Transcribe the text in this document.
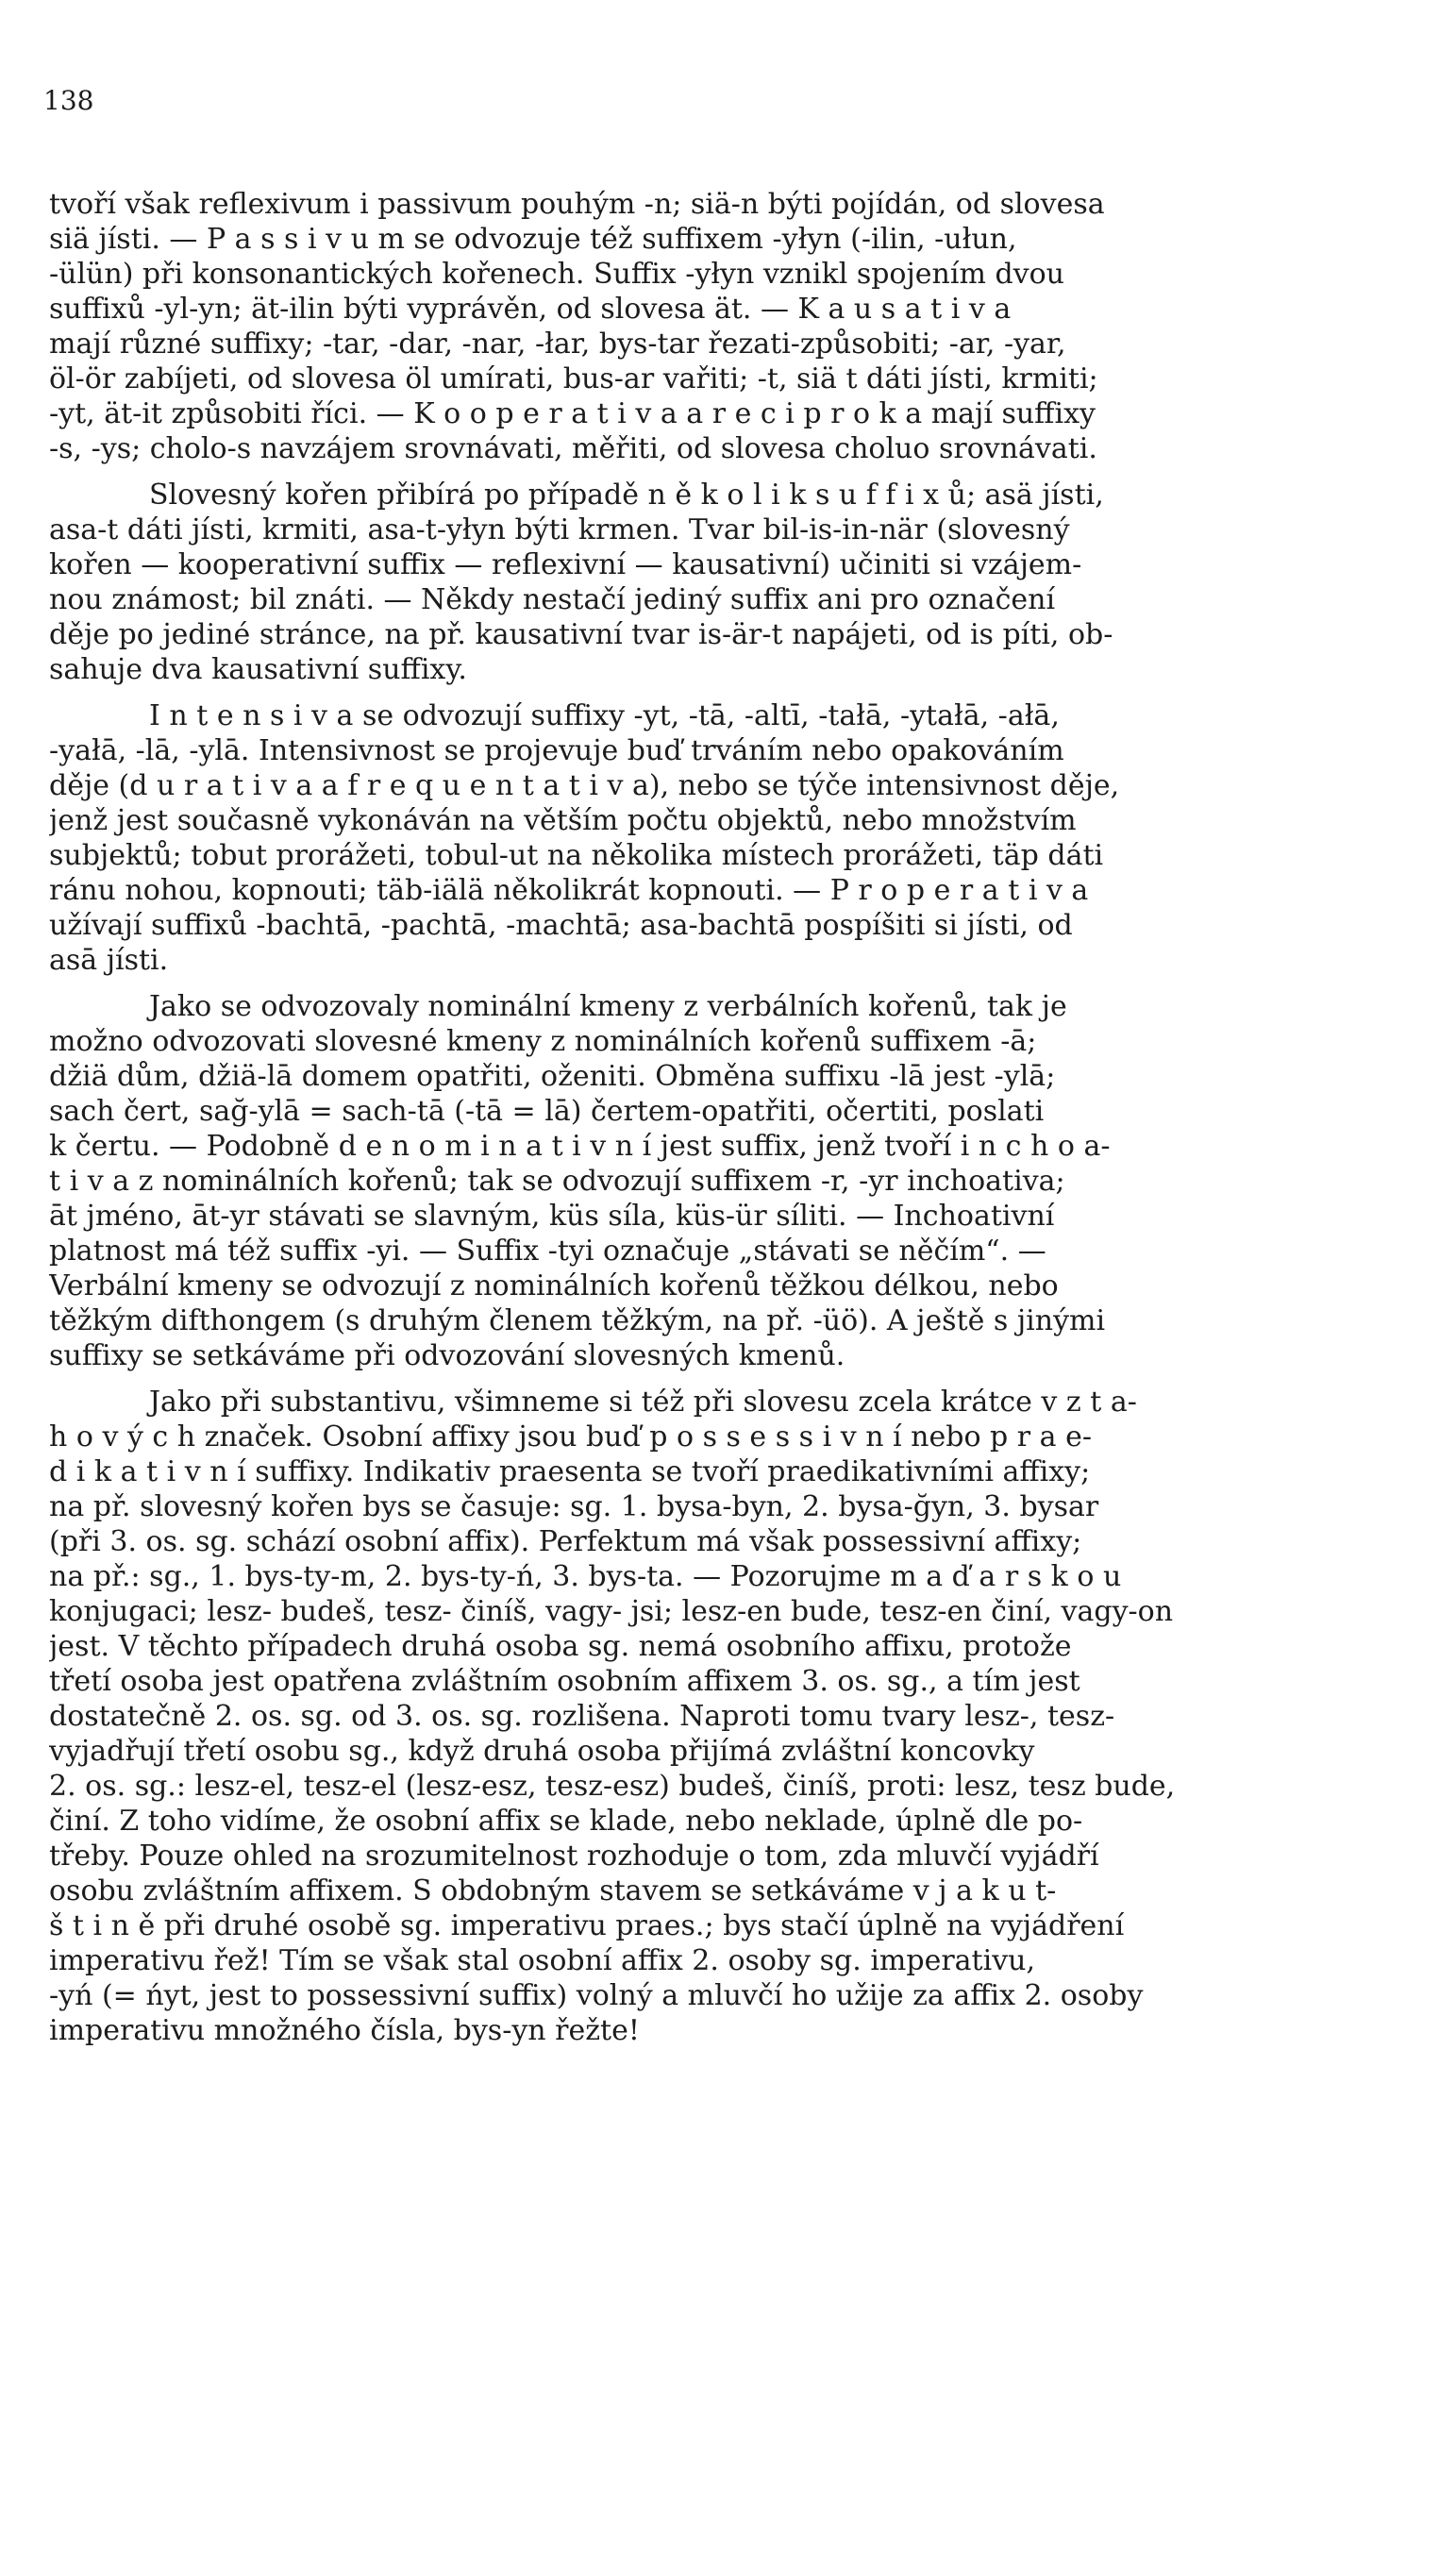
138
tvoří však reflexivum i passivum pouhým -n; siä-n býti pojídán, od slovesa
siä jísti. — P a s s i v u m se odvozuje též suffixem -yłyn (-ilin, -ułun,
-ülün) při konsonantických kořenech. Suffix -yłyn vznikl spojením dvou
suffixů -yl-yn; ät-ilin býti vyprávěn, od slovesa ät. — K a u s a t i v a
mají různé suffixy; -tar, -dar, -nar, -łar, bys-tar řezati-způsobiti; -ar, -yar,
öl-ör zabíjeti, od slovesa öl umírati, bus-ar vařiti; -t, siä t dáti jísti, krmiti;
-yt, ät-it způsobiti říci. — K o o p e r a t i v a a r e c i p r o k a mají suffixy
-s, -ys; cholo-s navzájem srovnávati, měřiti, od slovesa choluo srovnávati.
Slovesný kořen přibírá po případě n ě k o l i k s u f f i x ů; asä jísti,
asa-t dáti jísti, krmiti, asa-t-yłyn býti krmen. Tvar bil-is-in-när (slovesný
kořen — kooperativní suffix — reflexivní — kausativní) učiniti si vzájem-
nou známost; bil znáti. — Někdy nestačí jediný suffix ani pro označení
děje po jediné stránce, na př. kausativní tvar is-är-t napájeti, od is píti, ob-
sahuje dva kausativní suffixy.
I n t e n s i v a se odvozují suffixy -yt, -tā, -altī, -tałā, -ytałā, -ałā,
-yałā, -lā, -ylā. Intensivnost se projevuje buď trváním nebo opakováním
děje (d u r a t i v a a f r e q u e n t a t i v a), nebo se týče intensivnost děje,
jenž jest současně vykonáván na větším počtu objektů, nebo množstvím
subjektů; tobut prorážeti, tobul-ut na několika místech prorážeti, täp dáti
ránu nohou, kopnouti; täb-iälä několikrát kopnouti. — P r o p e r a t i v a
užívají suffixů -bachtā, -pachtā, -machtā; asa-bachtā pospíšiti si jísti, od
asā jísti.
Jako se odvozovaly nominální kmeny z verbálních kořenů, tak je
možno odvozovati slovesné kmeny z nominálních kořenů suffixem -ā;
džiä dům, džiä-lā domem opatřiti, oženiti. Obměna suffixu -lā jest -ylā;
sach čert, sağ-ylā = sach-tā (-tā = lā) čertem-opatřiti, očertiti, poslati
k čertu. — Podobně d e n o m i n a t i v n í jest suffix, jenž tvoří i n c h o a-
t i v a z nominálních kořenů; tak se odvozují suffixem -r, -yr inchoativa;
āt jméno, āt-yr stávati se slavným, küs síla, küs-ür síliti. — Inchoativní
platnost má též suffix -yi. — Suffix -tyi označuje „stávati se něčím“. —
Verbální kmeny se odvozují z nominálních kořenů těžkou délkou, nebo
těžkým difthongem (s druhým členem těžkým, na př. -üö). A ještě s jinými
suffixy se setkáváme při odvozování slovesných kmenů.
Jako při substantivu, všimneme si též při slovesu zcela krátce v z t a-
h o v ý c h značek. Osobní affixy jsou buď p o s s e s s i v n í nebo p r a e-
d i k a t i v n í suffixy. Indikativ praesenta se tvoří praedikativními affixy;
na př. slovesný kořen bys se časuje: sg. 1. bysa-byn, 2. bysa-ğyn, 3. bysar
(při 3. os. sg. schází osobní affix). Perfektum má však possessivní affixy;
na př.: sg., 1. bys-ty-m, 2. bys-ty-ń, 3. bys-ta. — Pozorujme m a ď a r s k o u
konjugaci; lesz- budeš, tesz- činíš, vagy- jsi; lesz-en bude, tesz-en činí, vagy-on
jest. V těchto případech druhá osoba sg. nemá osobního affixu, protože
třetí osoba jest opatřena zvláštním osobním affixem 3. os. sg., a tím jest
dostatečně 2. os. sg. od 3. os. sg. rozlišena. Naproti tomu tvary lesz-, tesz-
vyjadřují třetí osobu sg., když druhá osoba přijímá zvláštní koncovky
2. os. sg.: lesz-el, tesz-el (lesz-esz, tesz-esz) budeš, činíš, proti: lesz, tesz bude,
činí. Z toho vidíme, že osobní affix se klade, nebo neklade, úplně dle po-
třeby. Pouze ohled na srozumitelnost rozhoduje o tom, zda mluvčí vyjádří
osobu zvláštním affixem. S obdobným stavem se setkáváme v j a k u t-
š t i n ě při druhé osobě sg. imperativu praes.; bys stačí úplně na vyjádření
imperativu řež! Tím se však stal osobní affix 2. osoby sg. imperativu,
-yń (= ńyt, jest to possessivní suffix) volný a mluvčí ho užije za affix 2. osoby
imperativu množného čísla, bys-yn řežte!
